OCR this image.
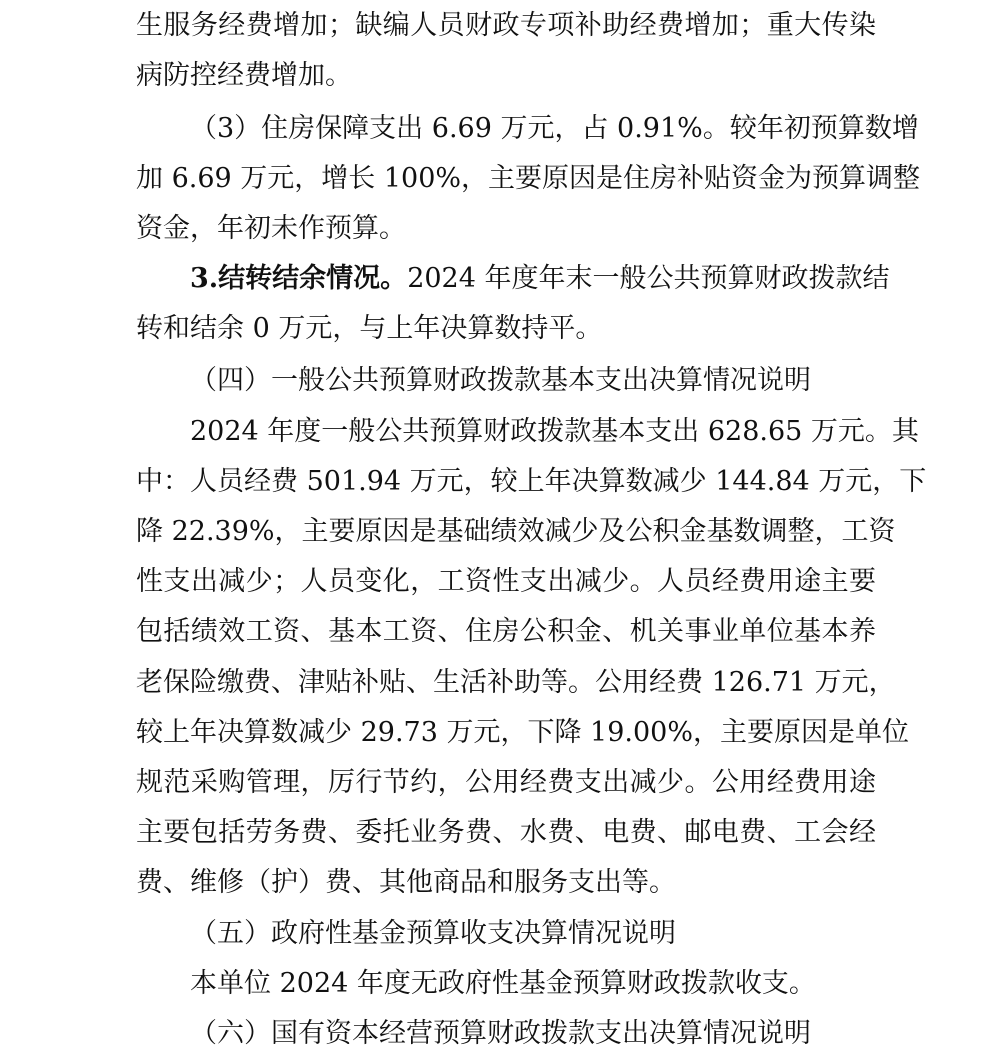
生服务经费增加；缺编人员财政专项补助经费增加；重大传染
病防控经费增加。
（3）住房保障支出 6.69 万元，占 0.91%。较年初预算数增
加 6.69 万元，增长 100%，主要原因是住房补贴资金为预算调整
资金，年初未作预算。
3.结转结余情况。2024 年度年末一般公共预算财政拨款结
转和结余 0 万元，与上年决算数持平。
（四）一般公共预算财政拨款基本支出决算情况说明
2024 年度一般公共预算财政拨款基本支出 628.65 万元。其
中：人员经费 501.94 万元，较上年决算数减少 144.84 万元，下
降 22.39%，主要原因是基础绩效减少及公积金基数调整，工资
性支出减少；人员变化，工资性支出减少。人员经费用途主要
包括绩效工资、基本工资、住房公积金、机关事业单位基本养
老保险缴费、津贴补贴、生活补助等。公用经费 126.71 万元，
较上年决算数减少 29.73 万元，下降 19.00%，主要原因是单位
规范采购管理，厉行节约，公用经费支出减少。公用经费用途
主要包括劳务费、委托业务费、水费、电费、邮电费、工会经
费、维修（护）费、其他商品和服务支出等。
（五）政府性基金预算收支决算情况说明
本单位 2024 年度无政府性基金预算财政拨款收支。
（六）国有资本经营预算财政拨款支出决算情况说明
